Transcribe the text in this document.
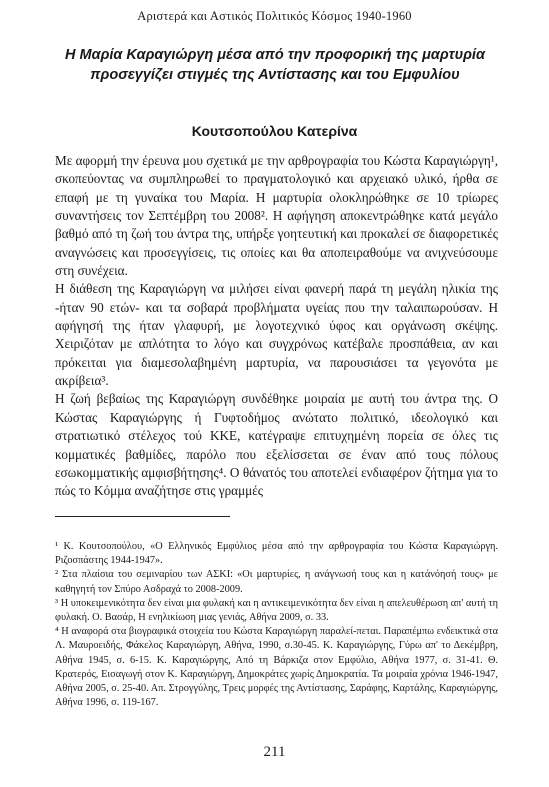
Αριστερά και Αστικός Πολιτικός Κόσμος 1940-1960
Η Μαρία Καραγιώργη μέσα από την προφορική της μαρτυρία προσεγγίζει στιγμές της Αντίστασης και του Εμφυλίου
Κουτσοπούλου Κατερίνα

Με αφορμή την έρευνα μου σχετικά με την αρθρογραφία του Κώστα Καραγιώργη¹, σκοπεύοντας να συμπληρωθεί το πραγματολογικό και αρχειακό υλικό, ήρθα σε επαφή με τη γυναίκα του Μαρία. Η μαρτυρία ολοκληρώθηκε σε 10 τρίωρες συναντήσεις τον Σεπτέμβρη του 2008². Η αφήγηση αποκεντρώθηκε κατά μεγάλο βαθμό από τη ζωή του άντρα της, υπήρξε γοητευτική και προκαλεί σε διαφορετικές αναγνώσεις και προσεγγίσεις, τις οποίες και θα αποπειραθούμε να ανιχνεύσουμε στη συνέχεια.

Η διάθεση της Καραγιώργη να μιλήσει είναι φανερή παρά τη μεγάλη ηλικία της -ήταν 90 ετών- και τα σοβαρά προβλήματα υγείας που την ταλαιπωρούσαν. Η αφήγησή της ήταν γλαφυρή, με λογοτεχνικό ύφος και οργάνωση σκέψης. Χειριζόταν με απλότητα το λόγο και συγχρόνως κατέβαλε προσπάθεια, αν και πρόκειται για διαμεσολαβημένη μαρτυρία, να παρουσιάσει τα γεγονότα με ακρίβεια³.

Η ζωή βεβαίως της Καραγιώργη συνδέθηκε μοιραία με αυτή του άντρα της. Ο Κώστας Καραγιώργης ή Γυφτοδήμος ανώτατο πολιτικό, ιδεολογικό και στρατιωτικό στέλεχος τού ΚΚΕ, κατέγραψε επιτυχημένη πορεία σε όλες τις κομματικές βαθμίδες, παρόλο που εξελίσσεται σε έναν από τους πόλους εσωκομματικής αμφισβήτησης⁴. Ο θάνατός του αποτελεί ενδιαφέρον ζήτημα για το πώς το Κόμμα αναζήτησε στις γραμμές

¹ Κ. Κουτσοπούλου, «Ο Ελληνικός Εμφύλιος μέσα από την αρθρογραφία του Κώστα Καραγιώργη. Ριζοσπάστης 1944-1947».

² Στα πλαίσια του σεμιναρίου των ΑΣΚΙ: «Οι μαρτυρίες, η ανάγνωσή τους και η κατάνόησή τους» με καθηγητή τον Σπύρο Ασδραχά το 2008-2009.

³ Η υποκειμενικότητα δεν είναι μια φυλακή και η αντικειμενικότητα δεν είναι η απελευθέρωση απ' αυτή τη φυλακή. Ο. Βασάρ, Η ενηλικίωση μιας γενιάς, Αθήνα 2009, σ. 33.

⁴ Η αναφορά στα βιογραφικά στοιχεία του Κώστα Καραγιώργη παραλεί-πεται. Παραπέμπω ενδεικτικά στα Λ. Μαυροειδής, Φάκελος Καραγιώργη, Αθήνα, 1990, σ.30-45. Κ. Καραγιώργης, Γύρω απ' το Δεκέμβρη, Αθήνα 1945, σ. 6-15. Κ. Καραγιώργης, Από τη Βάρκιζα στον Εμφύλιο, Αθήνα 1977, σ. 31-41. Θ. Κρατερός, Εισαγωγή στον Κ. Καραγιώργη, Δημοκράτες χωρίς Δημοκρατία. Τα μοιραία χρόνια 1946-1947, Αθήνα 2005, σ. 25-40. Απ. Στρογγύλης, Τρεις μορφές της Αντίστασης, Σαράφης, Καρτάλης, Καραγιώργης, Αθήνα 1996, σ. 119-167.

211
